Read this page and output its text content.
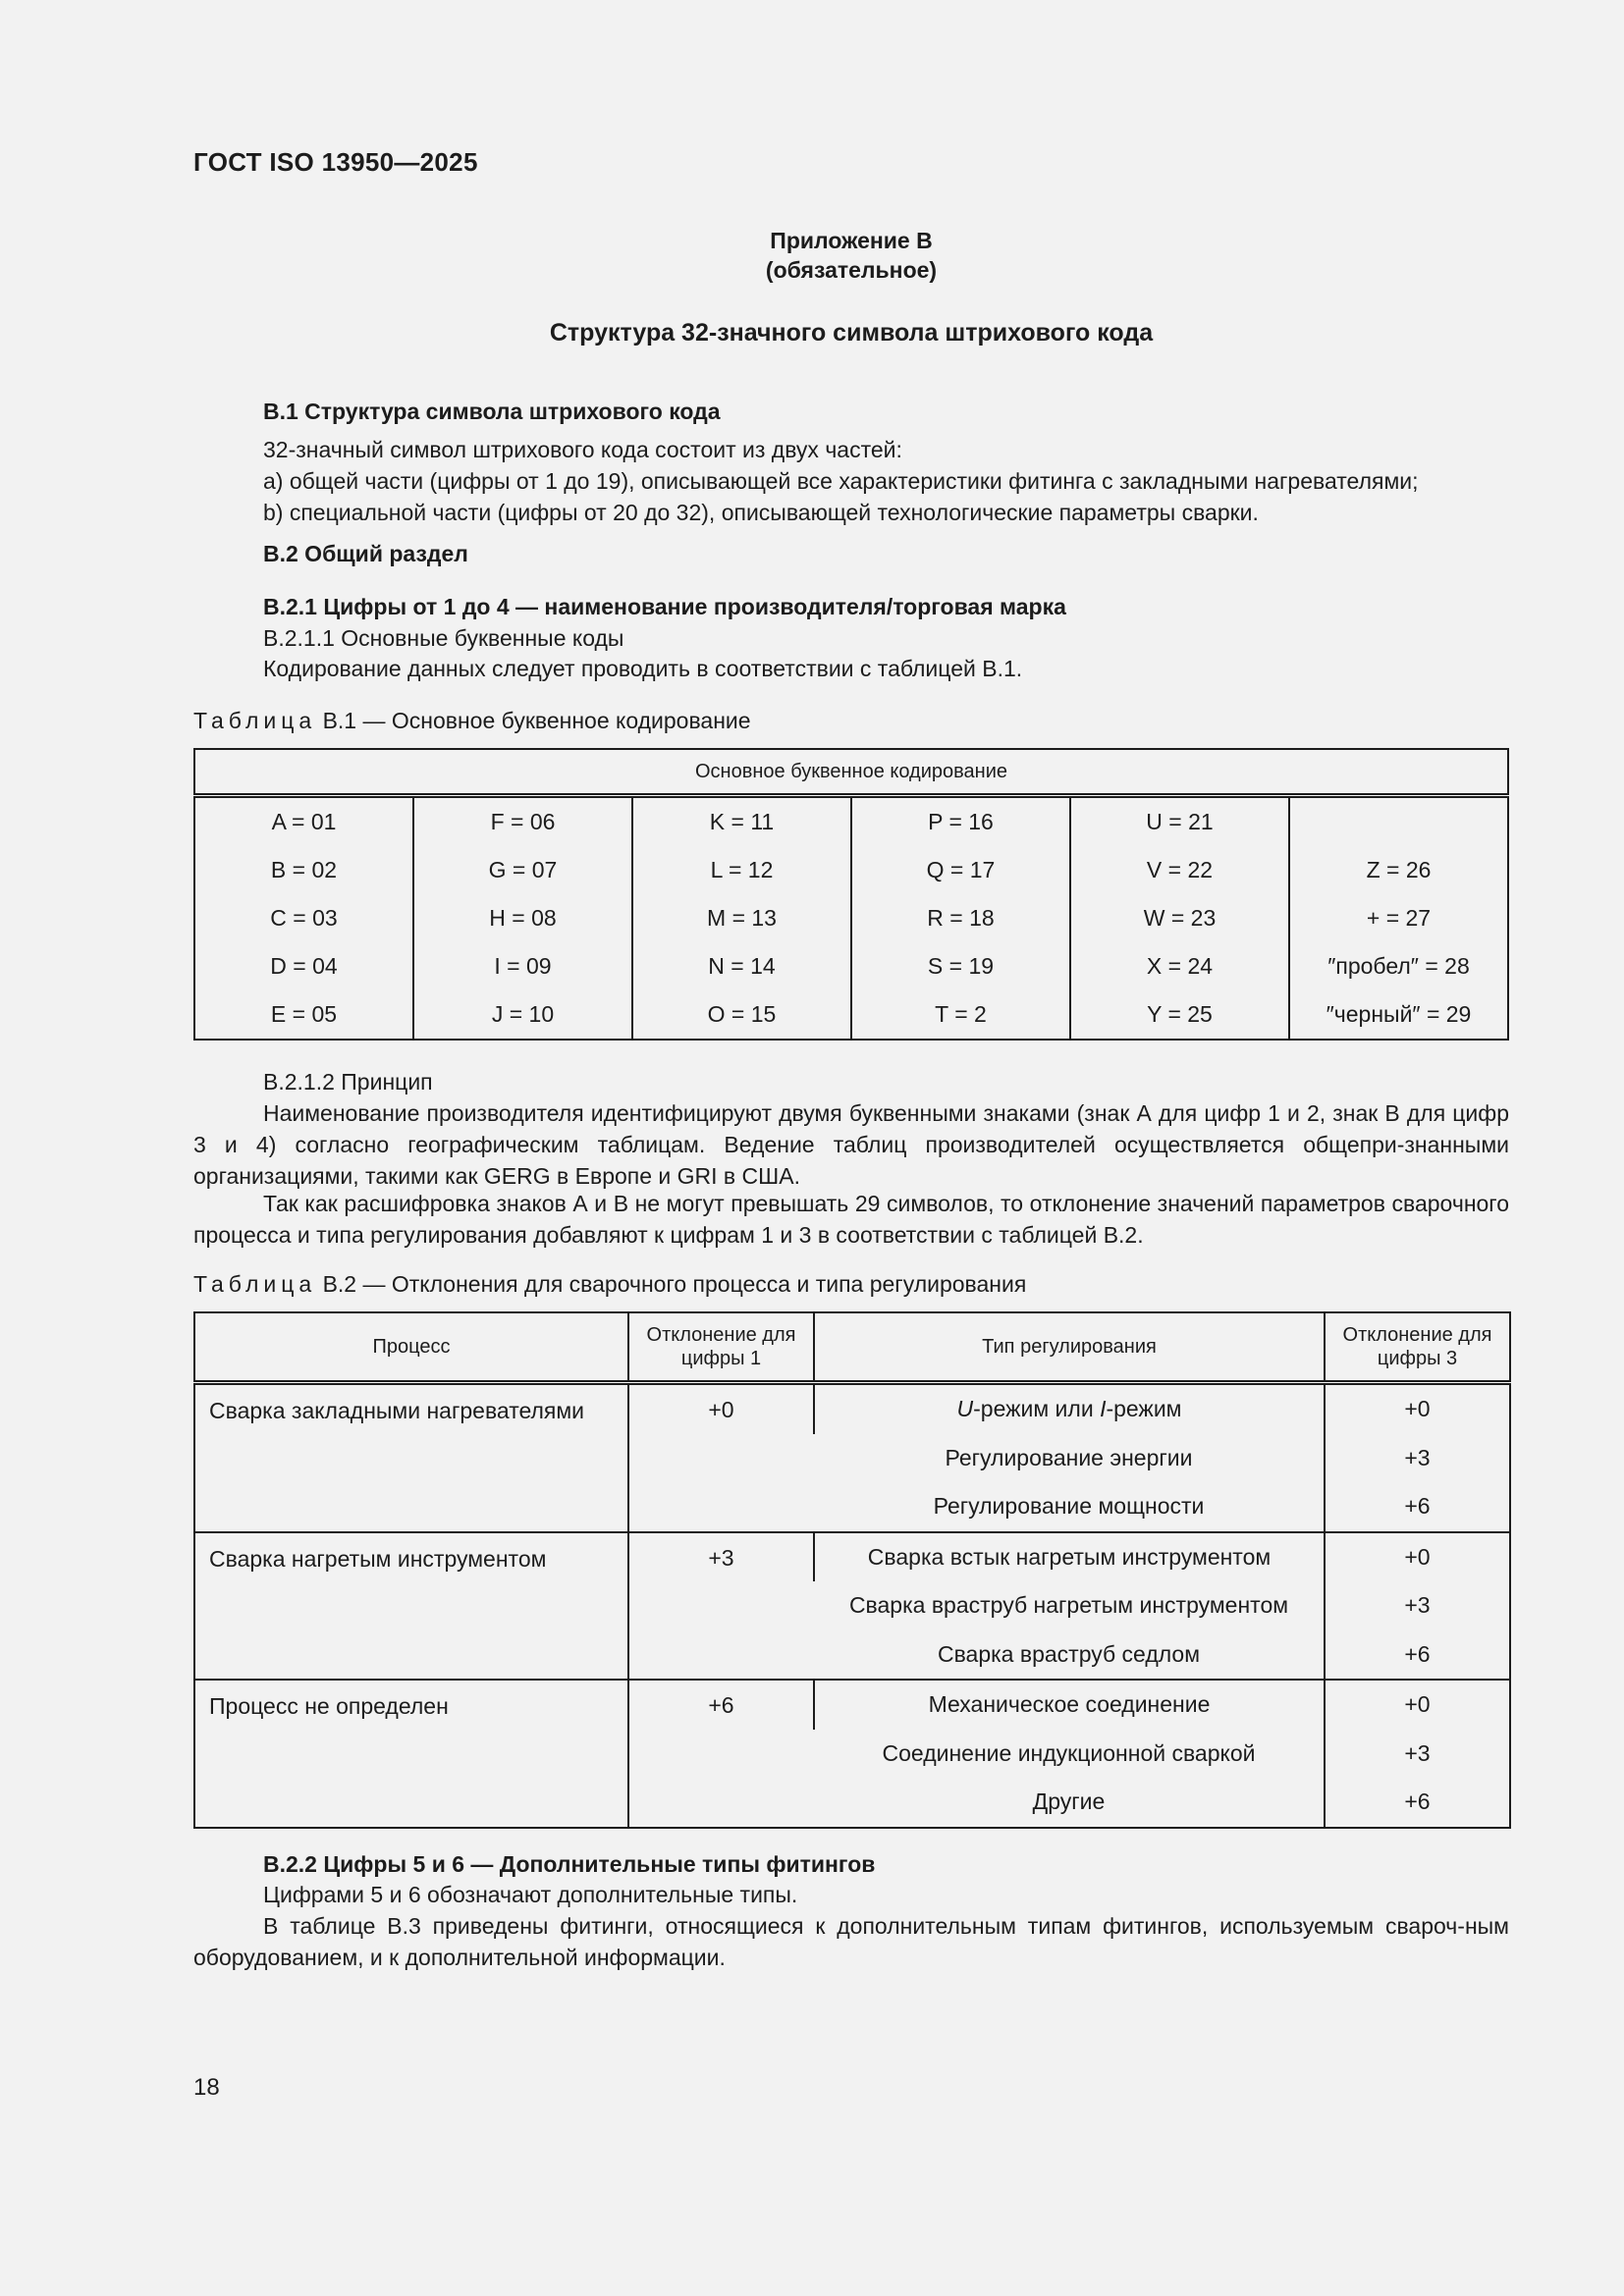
ГОСТ ISO 13950—2025
Приложение В
(обязательное)
Структура 32-значного символа штрихового кода
В.1 Структура символа штрихового кода
32-значный символ штрихового кода состоит из двух частей:
а) общей части (цифры от 1 до 19), описывающей все характеристики фитинга с закладными нагревателями;
b) специальной части (цифры от 20 до 32), описывающей технологические параметры сварки.
В.2 Общий раздел
В.2.1 Цифры от 1 до 4 — наименование производителя/торговая марка
В.2.1.1 Основные буквенные коды
Кодирование данных следует проводить в соответствии с таблицей В.1.
Таблица В.1 — Основное буквенное кодирование
Основное буквенное кодирование					
A = 01	F = 06	K = 11	P = 16	U = 21	
B = 02	G = 07	L = 12	Q = 17	V = 22	Z = 26
C = 03	H = 08	M = 13	R = 18	W = 23	+ = 27
D = 04	I = 09	N = 14	S = 19	X = 24	″пробел″ = 28
E = 05	J = 10	O = 15	T = 2	Y = 25	″черный″ = 29
В.2.1.2 Принцип
Наименование производителя идентифицируют двумя буквенными знаками (знак А для цифр 1 и 2, знак В для цифр 3 и 4) согласно географическим таблицам. Ведение таблиц производителей осуществляется общепри-знанными организациями, такими как GERG в Европе и GRI в США.
Так как расшифровка знаков А и В не могут превышать 29 символов, то отклонение значений параметров сварочного процесса и типа регулирования добавляют к цифрам 1 и 3 в соответствии с таблицей В.2.
Таблица В.2 — Отклонения для сварочного процесса и типа регулирования
Процесс	Отклонение для цифры 1	Тип регулирования	Отклонение для цифры 3
Сварка закладными нагревателями	+0	U-режим или I-режим	+0
		Регулирование энергии	+3
		Регулирование мощности	+6
Сварка нагретым инструментом	+3	Сварка встык нагретым инструментом	+0
		Сварка враструб нагретым инструментом	+3
		Сварка враструб седлом	+6
Процесс не определен	+6	Механическое соединение	+0
		Соединение индукционной сваркой	+3
		Другие	+6
В.2.2 Цифры 5 и 6 — Дополнительные типы фитингов
Цифрами 5 и 6 обозначают дополнительные типы.
В таблице В.3 приведены фитинги, относящиеся к дополнительным типам фитингов, используемым свароч-ным оборудованием, и к дополнительной информации.
18
